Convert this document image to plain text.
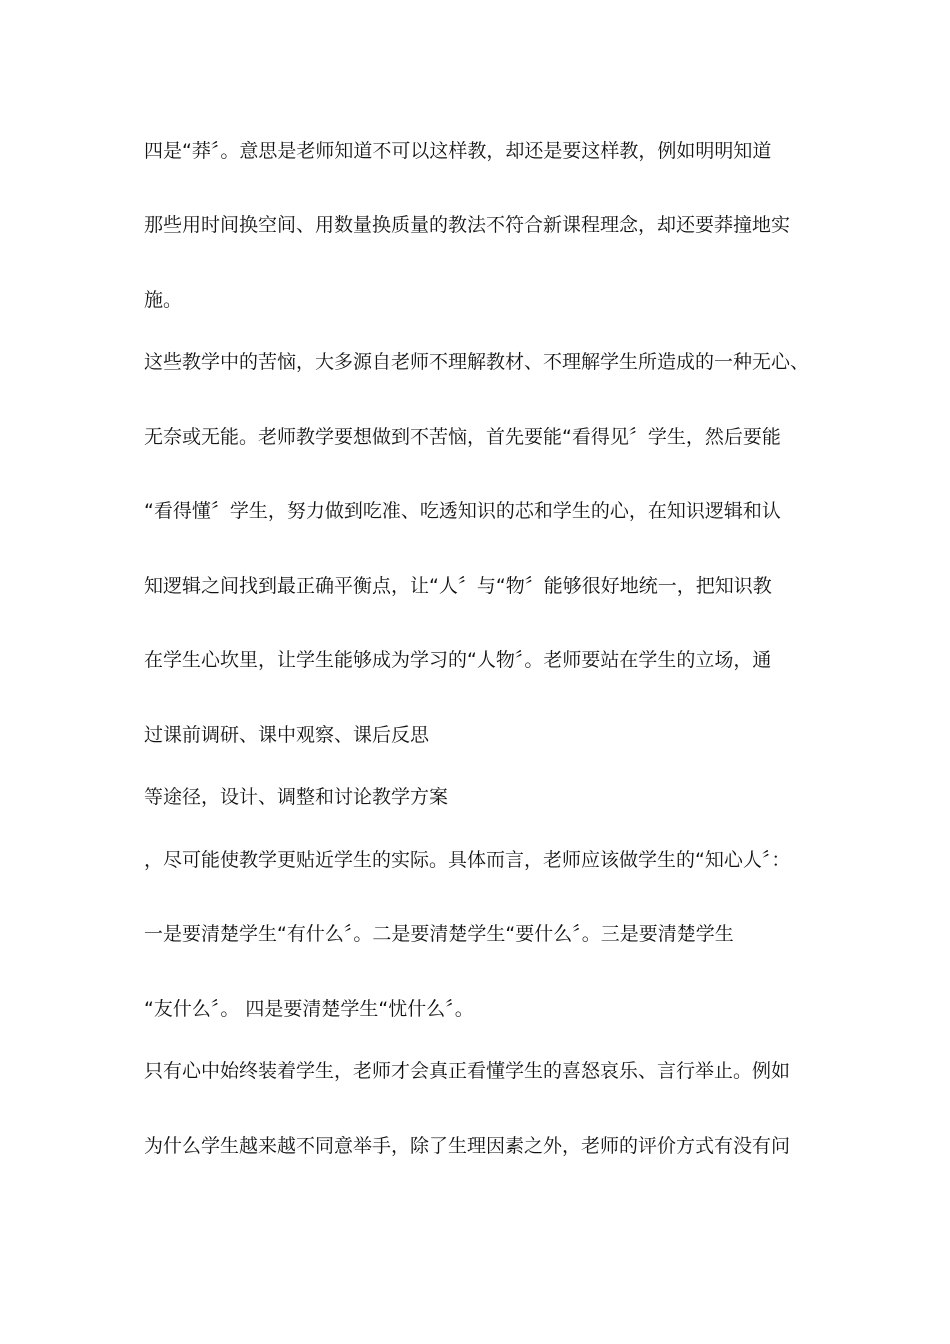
四是“莽〞。意思是老师知道不可以这样教，却还是要这样教，例如明明知道
那些用时间换空间、用数量换质量的教法不符合新课程理念，却还要莽撞地实
施。
这些教学中的苦恼，大多源自老师不理解教材、不理解学生所造成的一种无心、
无奈或无能。老师教学要想做到不苦恼，首先要能“看得见〞学生，然后要能
“看得懂〞学生，努力做到吃准、吃透知识的芯和学生的心，在知识逻辑和认
知逻辑之间找到最正确平衡点，让“人〞与“物〞能够很好地统一，把知识教
在学生心坎里，让学生能够成为学习的“人物〞。老师要站在学生的立场，通
过课前调研、课中观察、课后反思
等途径，设计、调整和讨论教学方案
，尽可能使教学更贴近学生的实际。具体而言，老师应该做学生的“知心人〞：
一是要清楚学生“有什么〞。二是要清楚学生“要什么〞。三是要清楚学生
“友什么〞。 四是要清楚学生“忧什么〞。
只有心中始终装着学生，老师才会真正看懂学生的喜怒哀乐、言行举止。例如
为什么学生越来越不同意举手，除了生理因素之外，老师的评价方式有没有问
